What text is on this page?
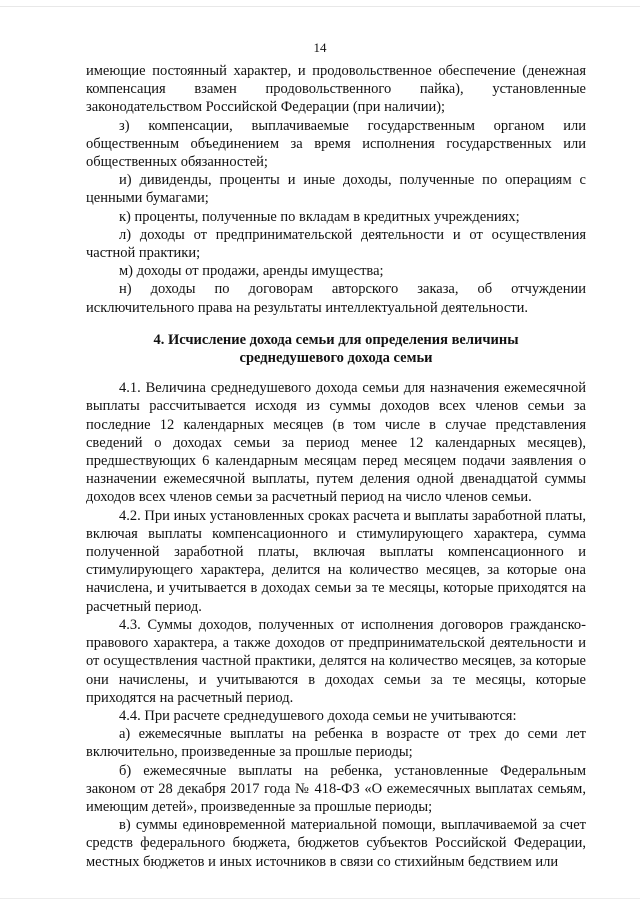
14

имеющие постоянный характер, и продовольственное обеспечение (денежная компенсация взамен продовольственного пайка), установленные законодательством Российской Федерации (при наличии);

з) компенсации, выплачиваемые государственным органом или общественным объединением за время исполнения государственных или общественных обязанностей;

и) дивиденды, проценты и иные доходы, полученные по операциям с ценными бумагами;

к) проценты, полученные по вкладам в кредитных учреждениях;

л) доходы от предпринимательской деятельности и от осуществления частной практики;

м) доходы от продажи, аренды имущества;

н) доходы по договорам авторского заказа, об отчуждении исключительного права на результаты интеллектуальной деятельности.

4. Исчисление дохода семьи для определения величины
среднедушевого дохода семьи

4.1. Величина среднедушевого дохода семьи для назначения ежемесячной выплаты рассчитывается исходя из суммы доходов всех членов семьи за последние 12 календарных месяцев (в том числе в случае представления сведений о доходах семьи за период менее 12 календарных месяцев), предшествующих 6 календарным месяцам перед месяцем подачи заявления о назначении ежемесячной выплаты, путем деления одной двенадцатой суммы доходов всех членов семьи за расчетный период на число членов семьи.

4.2. При иных установленных сроках расчета и выплаты заработной платы, включая выплаты компенсационного и стимулирующего характера, сумма полученной заработной платы, включая выплаты компенсационного и стимулирующего характера, делится на количество месяцев, за которые она начислена, и учитывается в доходах семьи за те месяцы, которые приходятся на расчетный период.

4.3. Суммы доходов, полученных от исполнения договоров гражданско-правового характера, а также доходов от предпринимательской деятельности и от осуществления частной практики, делятся на количество месяцев, за которые они начислены, и учитываются в доходах семьи за те месяцы, которые приходятся на расчетный период.

4.4. При расчете среднедушевого дохода семьи не учитываются:

а) ежемесячные выплаты на ребенка в возрасте от трех до семи лет включительно, произведенные за прошлые периоды;

б) ежемесячные выплаты на ребенка, установленные Федеральным законом от 28 декабря 2017 года № 418-ФЗ «О ежемесячных выплатах семьям, имеющим детей», произведенные за прошлые периоды;

в) суммы единовременной материальной помощи, выплачиваемой за счет средств федерального бюджета, бюджетов субъектов Российской Федерации, местных бюджетов и иных источников в связи со стихийным бедствием или
